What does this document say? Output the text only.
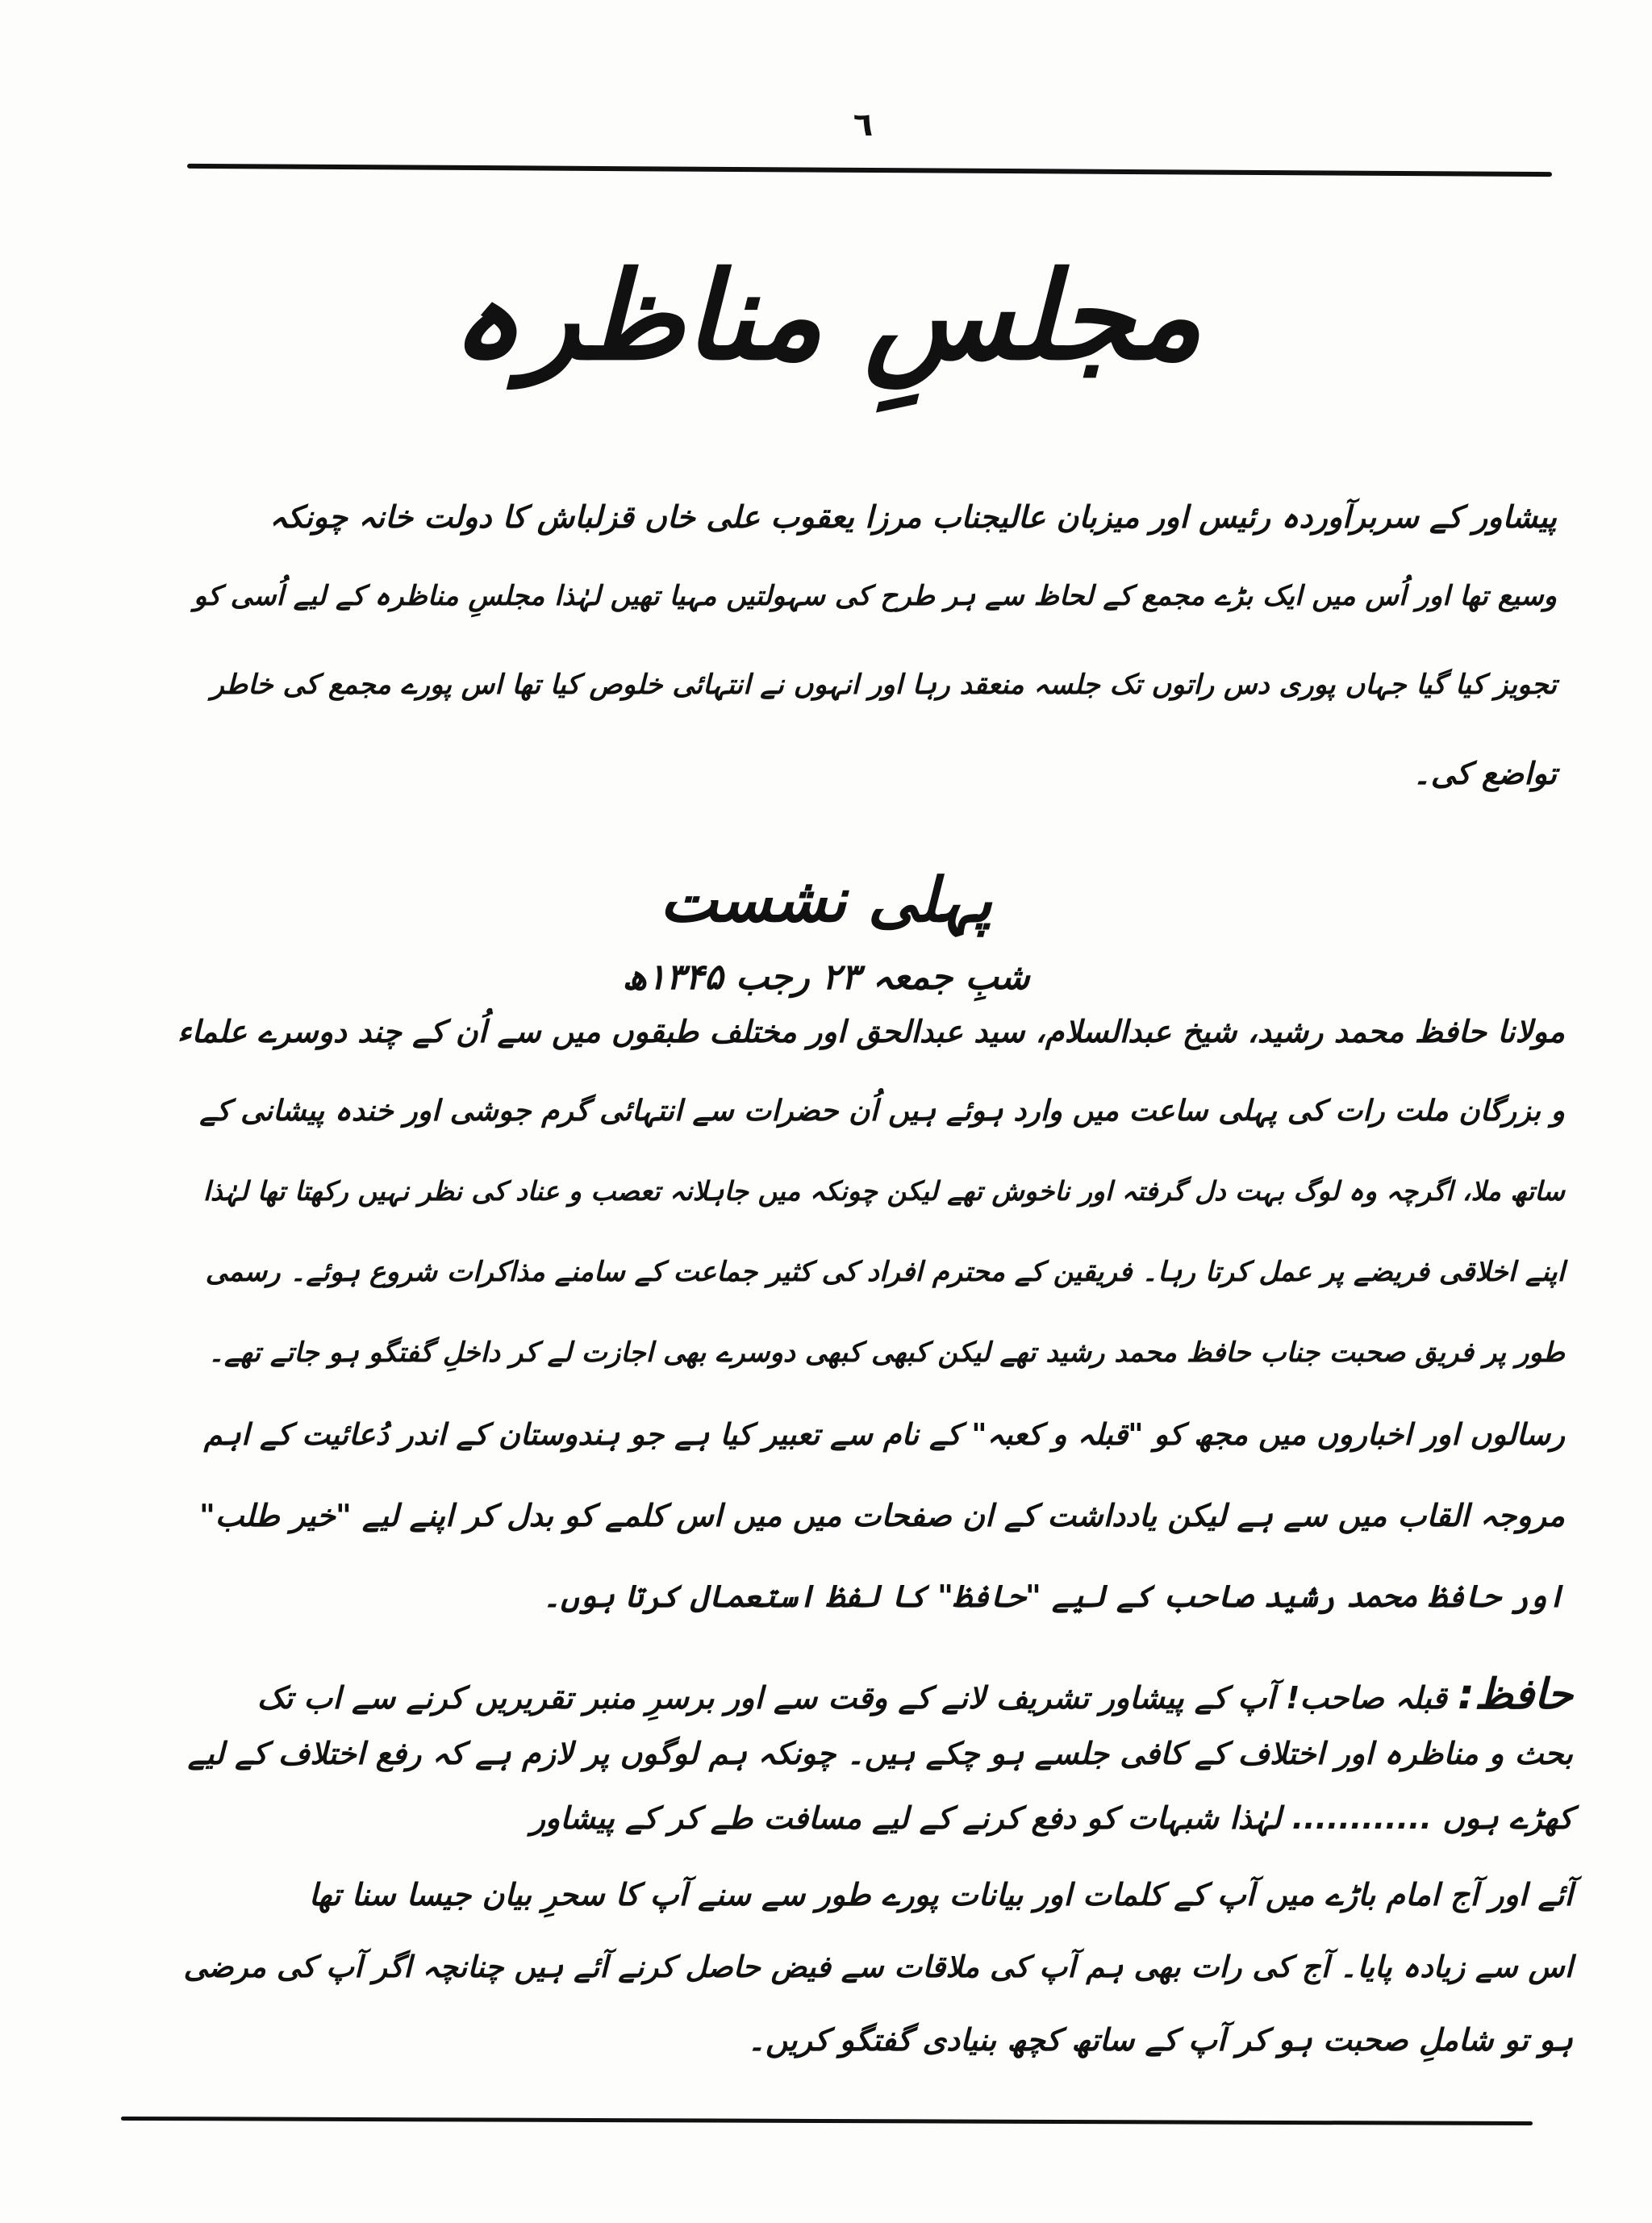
٦
مجلسِ مناظرہ
پیشاور کے سربرآوردہ رئیس اور میزبان عالیجناب مرزا یعقوب علی خاں قزلباش کا دولت خانہ چونکہ
وسیع تھا اور اُس میں ایک بڑے مجمع کے لحاظ سے ہر طرح کی سہولتیں مہیا تھیں لہٰذا مجلسِ مناظرہ کے لیے اُسی کو
تجویز کیا گیا جہاں پوری دس راتوں تک جلسہ منعقد رہا اور انہوں نے انتہائی خلوص کیا تھا اس پورے مجمع کی خاطر
تواضع کی۔
پہلی نشست
شبِ جمعہ ۲۳ رجب ۱۳۴۵ھ
مولانا حافظ محمد رشید، شیخ عبدالسلام، سید عبدالحق اور مختلف طبقوں میں سے اُن کے چند دوسرے علماء
و بزرگان ملت رات کی پہلی ساعت میں وارد ہوئے ہیں اُن حضرات سے انتہائی گرم جوشی اور خندہ پیشانی کے
ساتھ ملا، اگرچہ وہ لوگ بہت دل گرفتہ اور ناخوش تھے لیکن چونکہ میں جاہلانہ تعصب و عناد کی نظر نہیں رکھتا تھا لہٰذا
اپنے اخلاقی فریضے پر عمل کرتا رہا۔ فریقین کے محترم افراد کی کثیر جماعت کے سامنے مذاکرات شروع ہوئے۔ رسمی
طور پر فریق صحبت جناب حافظ محمد رشید تھے لیکن کبھی کبھی دوسرے بھی اجازت لے کر داخلِ گفتگو ہو جاتے تھے۔
رسالوں اور اخباروں میں مجھ کو "قبلہ و کعبہ" کے نام سے تعبیر کیا ہے جو ہندوستان کے اندر دُعائیت کے اہم
مروجہ القاب میں سے ہے لیکن یادداشت کے ان صفحات میں میں اس کلمے کو بدل کر اپنے لیے "خیر طلب"
اور حافظ محمد رشید صاحب کے لیے "حافظ" کا لفظ استعمال کرتا ہوں۔
حافظ: قبلہ صاحب! آپ کے پیشاور تشریف لانے کے وقت سے اور برسرِ منبر تقریریں کرنے سے اب تک
بحث و مناظرہ اور اختلاف کے کافی جلسے ہو چکے ہیں۔ چونکہ ہم لوگوں پر لازم ہے کہ رفع اختلاف کے لیے
کھڑے ہوں ............ لہٰذا شبہات کو دفع کرنے کے لیے مسافت طے کر کے پیشاور
آئے اور آج امام باڑے میں آپ کے کلمات اور بیانات پورے طور سے سنے آپ کا سحرِ بیان جیسا سنا تھا
اس سے زیادہ پایا۔ آج کی رات بھی ہم آپ کی ملاقات سے فیض حاصل کرنے آئے ہیں چنانچہ اگر آپ کی مرضی
ہو تو شاملِ صحبت ہو کر آپ کے ساتھ کچھ بنیادی گفتگو کریں۔
